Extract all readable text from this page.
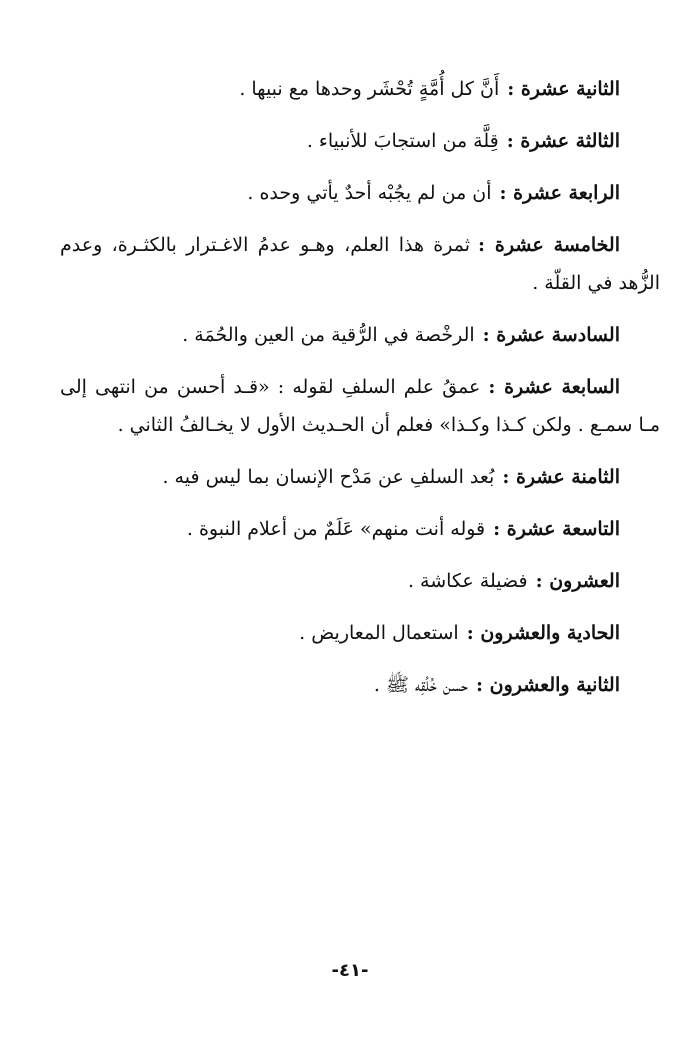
الثانية عشرة :أَنَّ كل أُمَّةٍ تُحْشَر وحدها مع نبيها .
الثالثة عشرة :قِلَّة من استجابَ للأنبياء .
الرابعة عشرة :أن من لم يجُبْه أحدٌ يأتي وحده .
الخامسة عشرة :ثمرة هذا العلم، وهـو عدمُ الاغـترار بالكثـرة، وعدم الزُّهد في القلّة .
السادسة عشرة :الرخْصة في الرُّقية من العين والحُمَة .
السابعة عشرة :عمقُ علم السلفِ لقوله : «قـد أحسن من انتهى إلى مـا سمـع . ولكن كـذا وكـذا» فعلم أن الحـديث الأول لا يخـالفُ الثاني .
الثامنة عشرة :بُعد السلفِ عن مَدْح الإنسان بما ليس فيه .
التاسعة عشرة :قوله أنت منهم» عَلَمٌ من أعلام النبوة .
العشرون :فضيلة عكاشة .
الحادية والعشرون :استعمال المعاريض .
الثانية والعشرون :حسن خُلُقِه ﷺ .
-٤١-
